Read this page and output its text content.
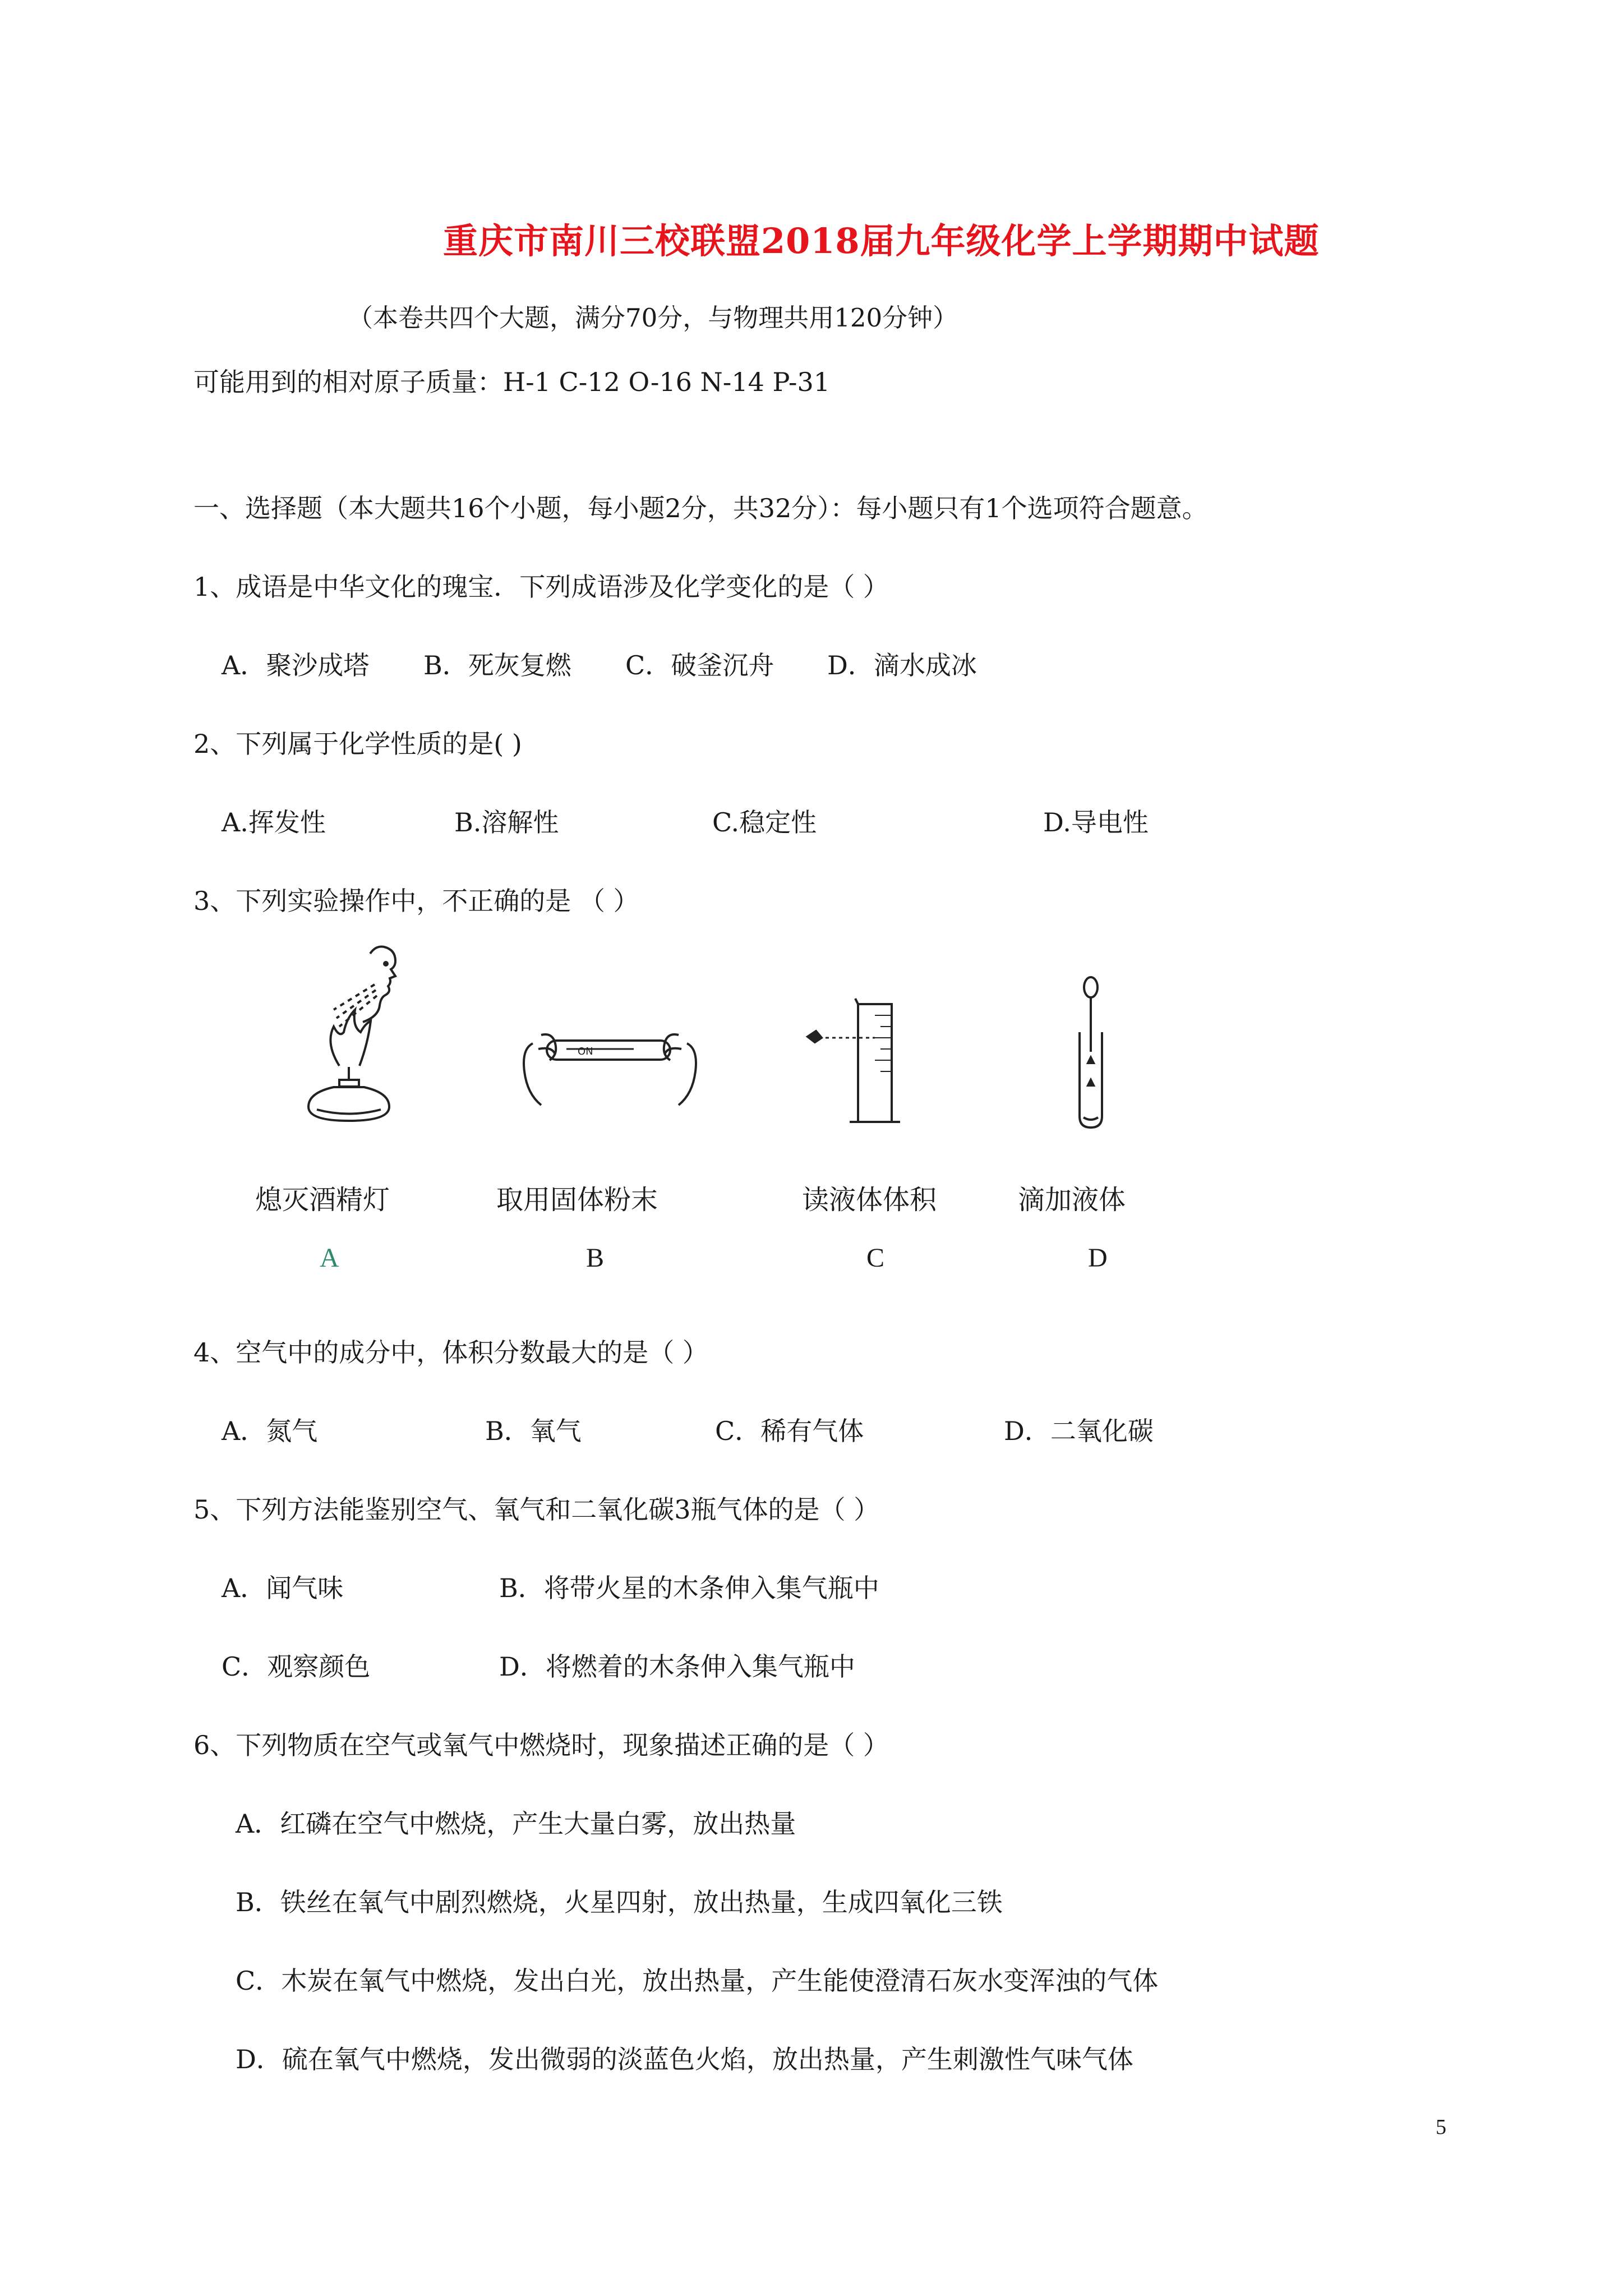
重庆市南川三校联盟2018届九年级化学上学期期中试题
（本卷共四个大题，满分70分，与物理共用120分钟）
可能用到的相对原子质量：H-1 C-12 O-16 N-14 P-31
一、选择题（本大题共16个小题，每小题2分，共32分）：每小题只有1个选项符合题意。
1、成语是中华文化的瑰宝．下列成语涉及化学变化的是（ ）
A．聚沙成塔 B．死灰复燃 C．破釜沉舟 D．滴水成冰
2、下列属于化学性质的是( )
A.挥发性	B.溶解性	C.稳定性	D.导电性
3、下列实验操作中，不正确的是 （ ）
ON
熄灭酒精灯	取用固体粉末	读液体体积	滴加液体
A	B	C	D
4、空气中的成分中，体积分数最大的是（ ）
A．氮气	B．氧气	C．稀有气体	D．二氧化碳
5、下列方法能鉴别空气、氧气和二氧化碳3瓶气体的是（ ）
A．闻气味	B．将带火星的木条伸入集气瓶中
C．观察颜色	D．将燃着的木条伸入集气瓶中
6、下列物质在空气或氧气中燃烧时，现象描述正确的是（ ）
A．红磷在空气中燃烧，产生大量白雾，放出热量
B．铁丝在氧气中剧烈燃烧，火星四射，放出热量，生成四氧化三铁
C．木炭在氧气中燃烧，发出白光，放出热量，产生能使澄清石灰水变浑浊的气体
D．硫在氧气中燃烧，发出微弱的淡蓝色火焰，放出热量，产生刺激性气味气体
5
